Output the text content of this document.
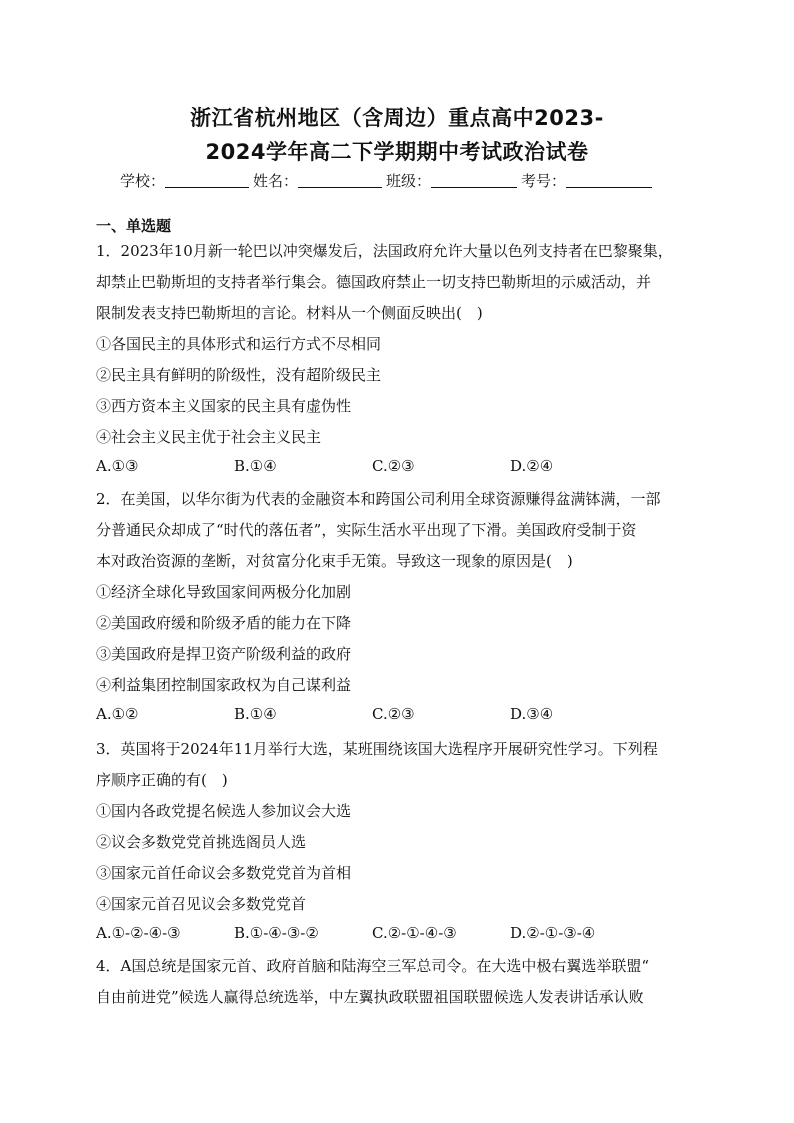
浙江省杭州地区（含周边）重点高中2023-
2024学年高二下学期期中考试政治试卷
学校：	姓名：	班级：	考号：
一、单选题
1．2023年10月新一轮巴以冲突爆发后，法国政府允许大量以色列支持者在巴黎聚集，
却禁止巴勒斯坦的支持者举行集会。德国政府禁止一切支持巴勒斯坦的示威活动，并
限制发表支持巴勒斯坦的言论。材料从一个侧面反映出(　)
①各国民主的具体形式和运行方式不尽相同
②民主具有鲜明的阶级性，没有超阶级民主
③西方资本主义国家的民主具有虚伪性
④社会主义民主优于社会主义民主
A.①③	B.①④	C.②③	D.②④
2．在美国，以华尔街为代表的金融资本和跨国公司利用全球资源赚得盆满钵满，一部
分普通民众却成了“时代的落伍者”，实际生活水平出现了下滑。美国政府受制于资
本对政治资源的垄断，对贫富分化束手无策。导致这一现象的原因是(　)
①经济全球化导致国家间两极分化加剧
②美国政府缓和阶级矛盾的能力在下降
③美国政府是捍卫资产阶级利益的政府
④利益集团控制国家政权为自己谋利益
A.①②	B.①④	C.②③	D.③④
3．英国将于2024年11月举行大选，某班围绕该国大选程序开展研究性学习。下列程
序顺序正确的有(　)
①国内各政党提名候选人参加议会大选
②议会多数党党首挑选阁员人选
③国家元首任命议会多数党党首为首相
④国家元首召见议会多数党党首
A.①-②-④-③	B.①-④-③-②	C.②-①-④-③	D.②-①-③-④
4．A国总统是国家元首、政府首脑和陆海空三军总司令。在大选中极右翼选举联盟“
自由前进党”候选人赢得总统选举，中左翼执政联盟祖国联盟候选人发表讲话承认败
